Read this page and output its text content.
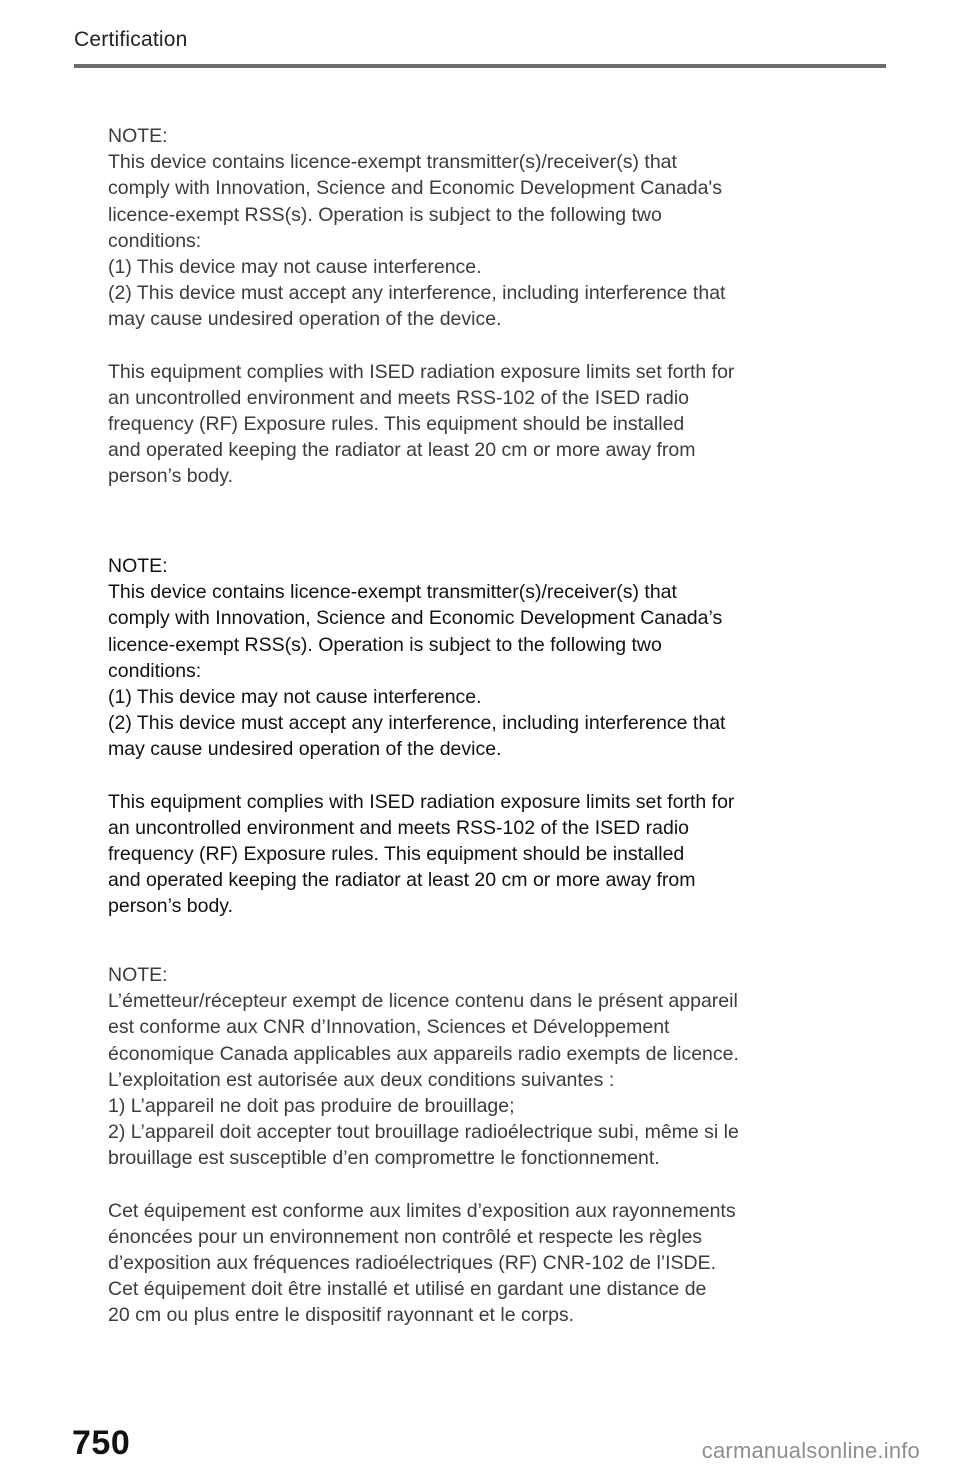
Certification

NOTE:
This device contains licence-exempt transmitter(s)/receiver(s) that
comply with Innovation, Science and Economic Development Canada's
licence-exempt RSS(s). Operation is subject to the following two
conditions:
(1) This device may not cause interference.
(2) This device must accept any interference, including interference that
may cause undesired operation of the device.

This equipment complies with ISED radiation exposure limits set forth for
an uncontrolled environment and meets RSS-102 of the ISED radio
frequency (RF) Exposure rules. This equipment should be installed
and operated keeping the radiator at least 20 cm or more away from
person’s body.

NOTE:
This device contains licence-exempt transmitter(s)/receiver(s) that
comply with Innovation, Science and Economic Development Canada’s
licence-exempt RSS(s). Operation is subject to the following two
conditions:
(1) This device may not cause interference.
(2) This device must accept any interference, including interference that
may cause undesired operation of the device.

This equipment complies with ISED radiation exposure limits set forth for
an uncontrolled environment and meets RSS-102 of the ISED radio
frequency (RF) Exposure rules. This equipment should be installed
and operated keeping the radiator at least 20 cm or more away from
person’s body.

NOTE:
L’émetteur/récepteur exempt de licence contenu dans le présent appareil
est conforme aux CNR d’Innovation, Sciences et Développement
économique Canada applicables aux appareils radio exempts de licence.
L’exploitation est autorisée aux deux conditions suivantes :
1) L’appareil ne doit pas produire de brouillage;
2) L’appareil doit accepter tout brouillage radioélectrique subi, même si le
brouillage est susceptible d’en compromettre le fonctionnement.

Cet équipement est conforme aux limites d’exposition aux rayonnements
énoncées pour un environnement non contrôlé et respecte les règles
d’exposition aux fréquences radioélectriques (RF) CNR-102 de l’ISDE.
Cet équipement doit être installé et utilisé en gardant une distance de
20 cm ou plus entre le dispositif rayonnant et le corps.

750	carmanualsonline.info
